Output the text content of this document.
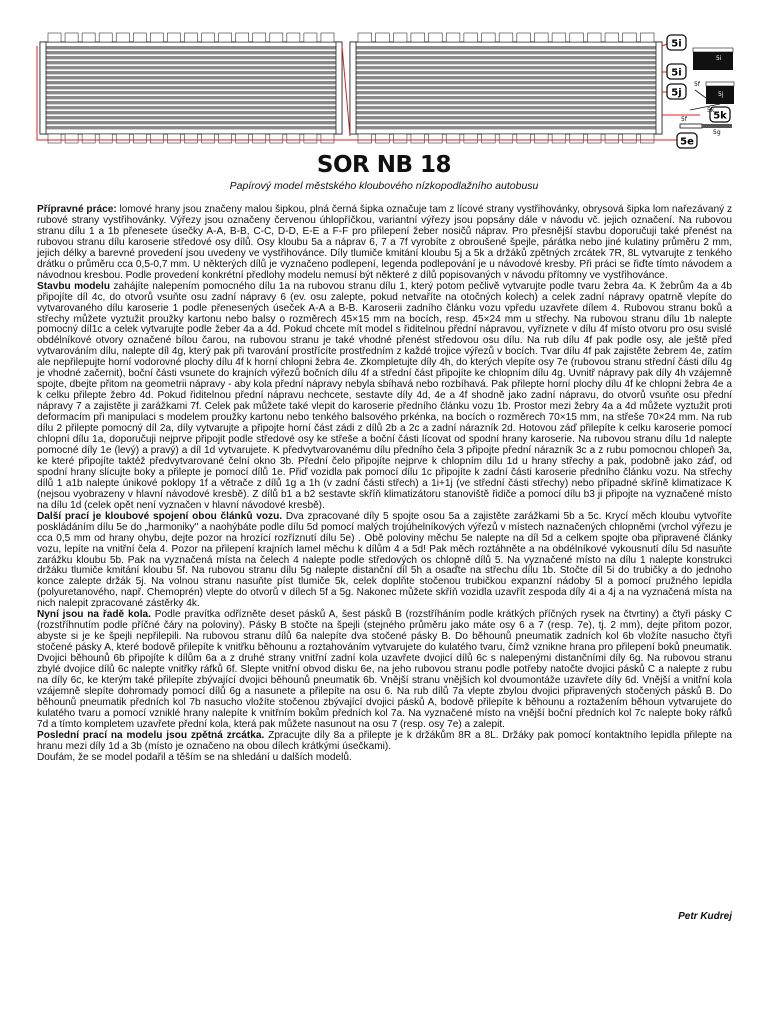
5i
5i
5j
5k
5e
5f
5f
5g
5i
5j
5k
SOR NB 18
Papírový model městského kloubového nízkopodlažního autobusu

Přípravné práce: lomové hrany jsou značeny malou šipkou, plná černá šipka označuje tam z lícové strany vystřihovánky, obrysová šipka lom nařezávaný z rubové strany vystřihovánky. Výřezy jsou označeny červenou úhlopříčkou, variantní výřezy jsou popsány dále v návodu vč. jejich označení. Na rubovou stranu dílu 1 a 1b přenesete úsečky A-A, B-B, C-C, D-D, E-E a F-F pro přilepení žeber nosičů náprav. Pro přesnější stavbu doporučuji také přenést na rubovou stranu dílu karoserie středové osy dílů. Osy kloubu 5a a náprav 6, 7 a 7f vyrobíte z obroušené špejle, párátka nebo jiné kulatiny průměru 2 mm, jejich délky a barevné provedení jsou uvedeny ve vystřihovánce. Díly tlumiče kmitání kloubu 5j a 5k a držáků zpětných zrcátek 7R, 8L vytvarujte z tenkého drátku o průměru cca 0,5-0,7 mm. U některých dílů je vyznačeno podlepení, legenda podlepování je u návodové kresby. Při práci se řiďte tímto návodem a návodnou kresbou. Podle provedení konkrétní předlohy modelu nemusí být některé z dílů popisovaných v návodu přítomny ve vystřihovánce.

Stavbu modelu zahájíte nalepením pomocného dílu 1a na rubovou stranu dílu 1, který potom pečlivě vytvarujte podle tvaru žebra 4a. K žebrům 4a a 4b připojíte díl 4c, do otvorů vsuňte osu zadní nápravy 6 (ev. osu zalepte, pokud netvaříte na otočných kolech) a celek zadní nápravy opatrně vlepíte do vytvarovaného dílu karoserie 1 podle přenesených úseček A-A a B-B. Karoserii zadního článku vozu vpředu uzavřete dílem 4. Rubovou stranu boků a střechy můžete vyztužit proužky kartonu nebo balsy o rozměrech 45×15 mm na bocích, resp. 45×24 mm u střechy. Na rubovou stranu dílu 1b nalepte pomocný díl1c a celek vytvarujte podle žeber 4a a 4d. Pokud chcete mít model s řiditelnou přední nápravou, vyříznete v dílu 4f místo otvoru pro osu svislé obdélníkové otvory označené bílou čarou, na rubovou stranu je také vhodné přenést středovou osu dílu. Na rub dílu 4f pak podle osy, ale ještě před vytvarováním dílu, nalepte díl 4g, který pak při tvarování prostřícíte prostředním z každé trojice výřezů v bocích. Tvar dílu 4f pak zajistěte žebrem 4e, zatím ale nepřilepujte horní vodorovné plochy dílu 4f k horní chlopni žebra 4e. Zkompletujte díly 4h, do kterých vlepíte osy 7e (rubovou stranu střední části dílu 4g je vhodné začernit), boční části vsunete do krajních výřezů bočních dílu 4f a střední část připojíte ke chlopním dílu 4g. Uvnitř nápravy pak díly 4h vzájemně spojte, dbejte přitom na geometrii nápravy - aby kola přední nápravy nebyla sbíhavá nebo rozbíhavá. Pak přilepte horní plochy dílu 4f ke chlopni žebra 4e a k celku přilepte žebro 4d. Pokud řiditelnou přední nápravu nechcete, sestavte díly 4d, 4e a 4f shodně jako zadní nápravu, do otvorů vsuňte osu přední nápravy 7 a zajistěte ji zarážkami 7f. Celek pak můžete také vlepit do karoserie předního článku vozu 1b. Prostor mezi žebry 4a a 4d můžete vyztužit proti deformacím při manipulaci s modelem proužky kartonu nebo tenkého balsového prkénka, na bocích o rozměrech 70×15 mm, na střeše 70×24 mm. Na rub dílu 2 přilepte pomocný díl 2a, díly vytvarujte a připojte horní část zádi z dílů 2b a 2c a zadní nárazník 2d. Hotovou záď přilepíte k celku karoserie pomocí chlopní dílu 1a, doporučuji nejprve připojit podle středové osy ke střeše a boční části lícovat od spodní hrany karoserie. Na rubovou stranu dílu 1d nalepte pomocné díly 1e (levý) a pravý) a díl 1d vytvarujete. K předvytvarovanému dílu předního čela 3 připojte přední nárazník 3c a z rubu pomocnou chlopeň 3a, ke které připojíte taktéž předvytvarované čelní okno 3b. Přední čelo připojíte nejprve k chlopním dílu 1d u hrany střechy a pak, podobně jako záď, od spodní hrany slícujte boky a přilepte je pomocí dílů 1e. Přiď vozidla pak pomocí dílu 1c připojíte k zadní části karoserie předního článku vozu. Na střechy dílů 1 a1b nalepte únikové poklopy 1f a větrače z dílů 1g a 1h (v zadní části střech) a 1i+1j (ve střední části střechy) nebo případné skříně klimatizace K (nejsou vyobrazeny v hlavní návodové kresbě). Z dílů b1 a b2 sestavte skříň klimatizátoru stanoviště řidiče a pomocí dílu b3 ji připojte na vyznačené místo na dílu 1d (celek opět není vyznačen v hlavní návodové kresbě).

Další prací je kloubové spojení obou článků vozu. Dva zpracované díly 5 spojte osou 5a a zajistěte zarážkami 5b a 5c. Krycí měch kloubu vytvoříte poskládáním dílu 5e do „harmoniky" a naohýbáte podle dílu 5d pomocí malých trojúhelníkových výřezů v místech naznačených chlopněmi (vrchol výřezu je cca 0,5 mm od hrany ohybu, dejte pozor na hrozící rozříznutí dílu 5e) . Obě poloviny měchu 5e nalepte na díl 5d a celkem spojte oba připravené články vozu, lepíte na vnitřní čela 4. Pozor na přilepení krajních lamel měchu k dílům 4 a 5d! Pak měch roztáhněte a na obdélníkové vykousnutí dílu 5d nasuňte zarážku kloubu 5b. Pak na vyznačená místa na čelech 4 nalepte podle středových os chlopně dílů 5. Na vyznačené místo na dílu 1 nalepte konstrukci držáku tlumiče kmitání kloubu 5f. Na rubovou stranu dílu 5g nalepte distanční díl 5h a osaďte na střechu dílu 1b. Stočte díl 5i do trubičky a do jednoho konce zalepte držák 5j. Na volnou stranu nasuňte píst tlumiče 5k, celek doplňte stočenou trubičkou expanzní nádoby 5l a pomocí pružného lepidla (polyuretanového, např. Chemoprén) vlepte do otvorů v dílech 5f a 5g. Nakonec můžete skříň vozidla uzavřít zespoda díly 4i a 4j a na vyznačená místa na nich nalepit zpracované zástěrky 4k.

Nyní jsou na řadě kola. Podle pravítka odřízněte deset pásků A, šest pásků B (rozstříháním podle krátkých příčných rysek na čtvrtiny) a čtyři pásky C (rozstříhnutím podle příčné čáry na poloviny). Pásky B stočte na špejli (stejného průměru jako máte osy 6 a 7 (resp. 7e), tj. 2 mm), dejte přitom pozor, abyste si je ke špejli nepřilepili. Na rubovou stranu dílů 6a nalepíte dva stočené pásky B. Do běhounů pneumatik zadních kol 6b vložíte nasucho čtyři stočené pásky A, které bodově přilepíte k vnitřku běhounu a roztahováním vytvarujete do kulatého tvaru, čímž vznikne hrana pro přilepení boků pneumatik. Dvojici běhounů 6b připojíte k dílům 6a a z druhé strany vnitřní zadní kola uzavřete dvojicí dílů 6c s nalepenými distančními díly 6g. Na rubovou stranu zbylé dvojice dílů 6c nalepte vnitřky ráfků 6f. Slepte vnitřní obvod disku 6e, na jeho rubovou stranu podle potřeby natočte dvojici pásků C a nalepte z rubu na díly 6c, ke kterým také přilepíte zbývající dvojici běhounů pneumatik 6b. Vnější stranu vnějších kol dvoumontáže uzavřete díly 6d. Vnější a vnitřní kola vzájemně slepíte dohromady pomocí dílů 6g a nasunete a přilepíte na osu 6. Na rub dílů 7a vlepte zbylou dvojici připravených stočených pásků B. Do běhounů pneumatik předních kol 7b nasucho vložíte stočenou zbývající dvojici pásků A, bodově přilepíte k běhounu a roztažením běhoun vytvarujete do kulatého tvaru a pomocí vzniklé hrany nalepíte k vnitřním bokům předních kol 7a. Na vyznačené místo na vnější boční předních kol 7c nalepte boky ráfků 7d a tímto kompletem uzavřete přední kola, která pak můžete nasunout na osu 7 (resp. osy 7e) a zalepit.

Poslední prací na modelu jsou zpětná zrcátka. Zpracujte díly 8a a přilepte je k držákům 8R a 8L. Držáky pak pomocí kontaktního lepidla přilepte na hranu mezi díly 1d a 3b (místo je označeno na obou dílech krátkými úsečkami).

Doufám, že se model podařil a těším se na shledání u dalších modelů.

Petr Kudrej
